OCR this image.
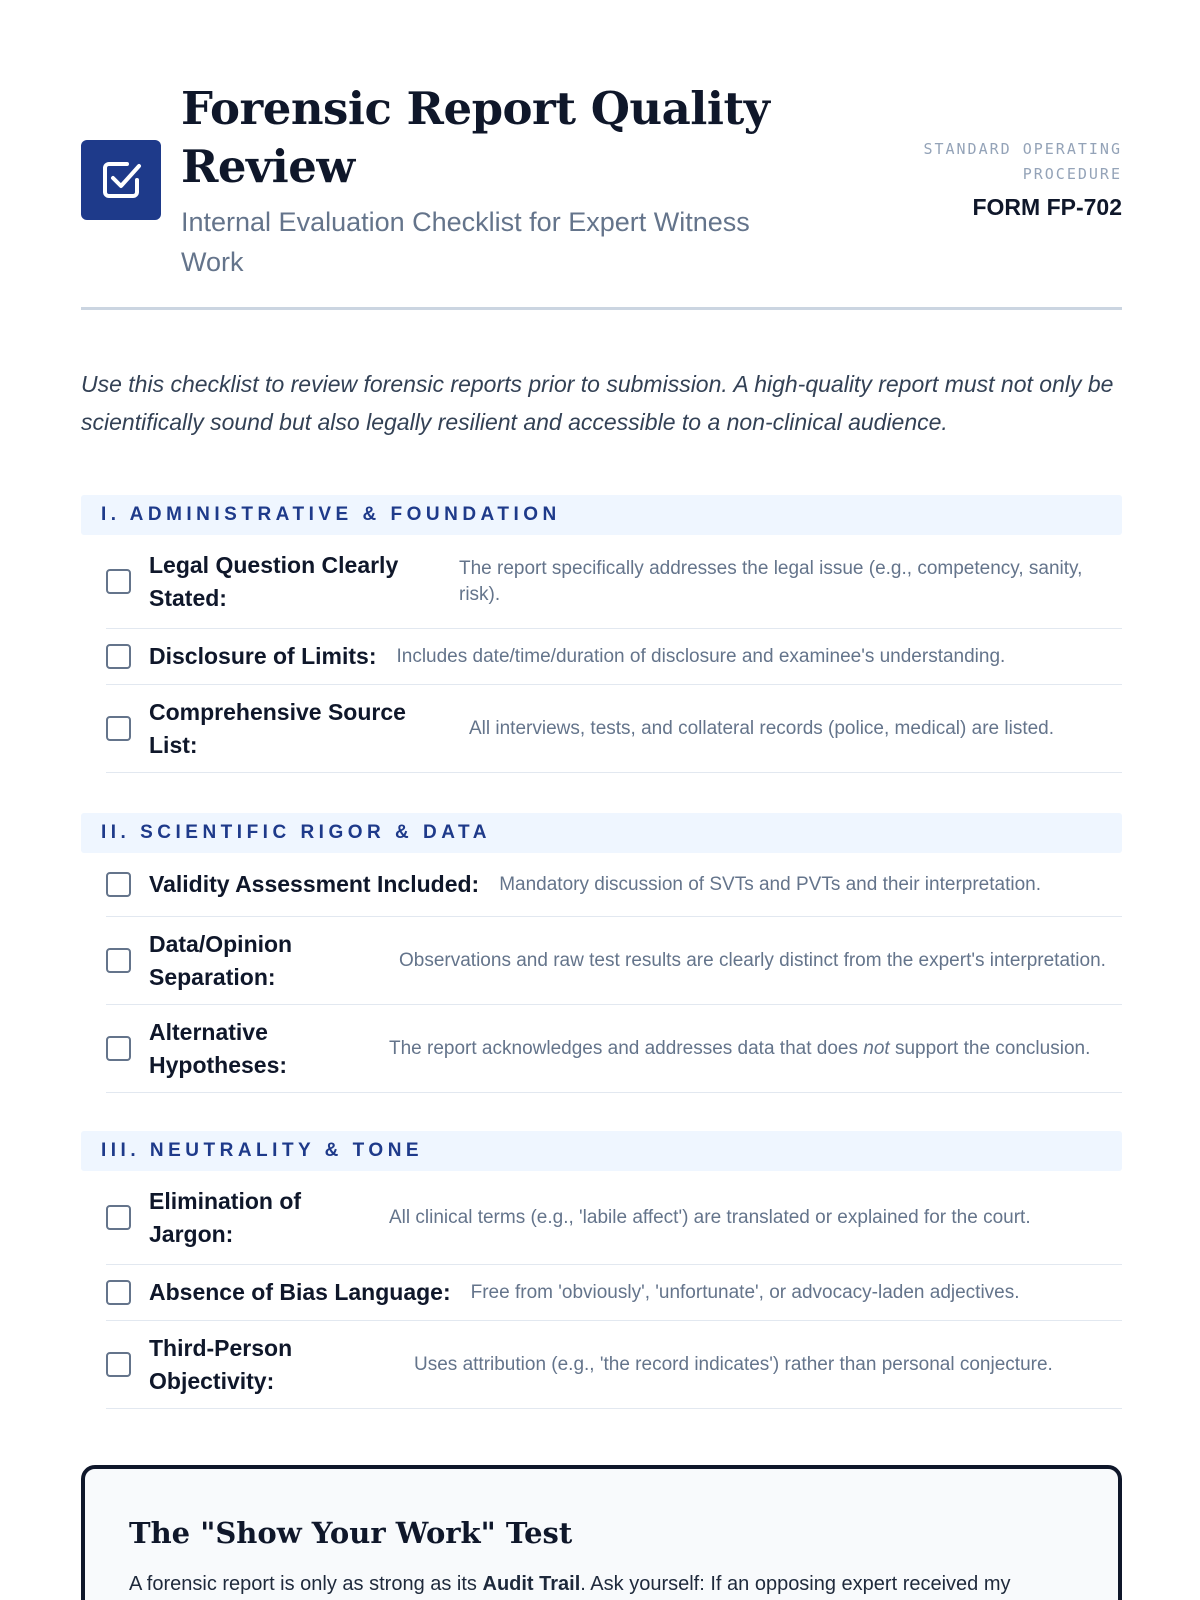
Forensic Report Quality Review
Internal Evaluation Checklist for Expert Witness Work
STANDARD OPERATING PROCEDURE
FORM FP-702

Use this checklist to review forensic reports prior to submission. A high-quality report must not only be scientifically sound but also legally resilient and accessible to a non-clinical audience.

I. ADMINISTRATIVE & FOUNDATION
Legal Question Clearly Stated:
The report specifically addresses the legal issue (e.g., competency, sanity, risk).
Disclosure of Limits:	Includes date/time/duration of disclosure and examinee's understanding.
Comprehensive Source List:
All interviews, tests, and collateral records (police, medical) are listed.
II. SCIENTIFIC RIGOR & DATA
Validity Assessment Included:	Mandatory discussion of SVTs and PVTs and their interpretation.
Data/Opinion Separation:
Observations and raw test results are clearly distinct from the expert's interpretation.
Alternative Hypotheses:
The report acknowledges and addresses data that does not support the conclusion.
III. NEUTRALITY & TONE
Elimination of Jargon:
All clinical terms (e.g., 'labile affect') are translated or explained for the court.
Absence of Bias Language:	Free from 'obviously', 'unfortunate', or advocacy-laden adjectives.
Third-Person Objectivity:
Uses attribution (e.g., 'the record indicates') rather than personal conjecture.
The "Show Your Work" Test

A forensic report is only as strong as its Audit Trail. Ask yourself: If an opposing expert received my
